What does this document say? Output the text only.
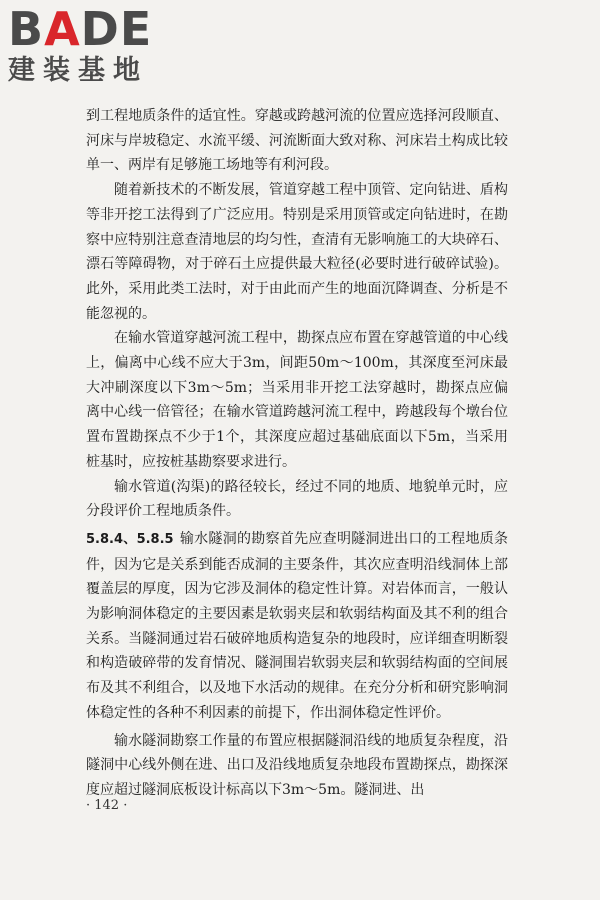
BADE
建装基地

到工程地质条件的适宜性。穿越或跨越河流的位置应选择河段顺直、河床与岸坡稳定、水流平缓、河流断面大致对称、河床岩土构成比较单一、两岸有足够施工场地等有利河段。

随着新技术的不断发展，管道穿越工程中顶管、定向钻进、盾构等非开挖工法得到了广泛应用。特别是采用顶管或定向钻进时，在勘察中应特别注意查清地层的均匀性，查清有无影响施工的大块碎石、漂石等障碍物，对于碎石土应提供最大粒径(必要时进行破碎试验)。此外，采用此类工法时，对于由此而产生的地面沉降调查、分析是不能忽视的。

在输水管道穿越河流工程中，勘探点应布置在穿越管道的中心线上，偏离中心线不应大于3m，间距50m～100m，其深度至河床最大冲刷深度以下3m～5m；当采用非开挖工法穿越时，勘探点应偏离中心线一倍管径；在输水管道跨越河流工程中，跨越段每个墩台位置布置勘探点不少于1个，其深度应超过基础底面以下5m，当采用桩基时，应按桩基勘察要求进行。

输水管道(沟渠)的路径较长，经过不同的地质、地貌单元时，应分段评价工程地质条件。

5.8.4、5.8.5 输水隧洞的勘察首先应查明隧洞进出口的工程地质条件，因为它是关系到能否成洞的主要条件，其次应查明沿线洞体上部覆盖层的厚度，因为它涉及洞体的稳定性计算。对岩体而言，一般认为影响洞体稳定的主要因素是软弱夹层和软弱结构面及其不利的组合关系。当隧洞通过岩石破碎地质构造复杂的地段时，应详细查明断裂和构造破碎带的发育情况、隧洞围岩软弱夹层和软弱结构面的空间展布及其不利组合，以及地下水活动的规律。在充分分析和研究影响洞体稳定性的各种不利因素的前提下，作出洞体稳定性评价。

输水隧洞勘察工作量的布置应根据隧洞沿线的地质复杂程度，沿隧洞中心线外侧在进、出口及沿线地质复杂地段布置勘探点，勘探深度应超过隧洞底板设计标高以下3m～5m。隧洞进、出

· 142 ·
